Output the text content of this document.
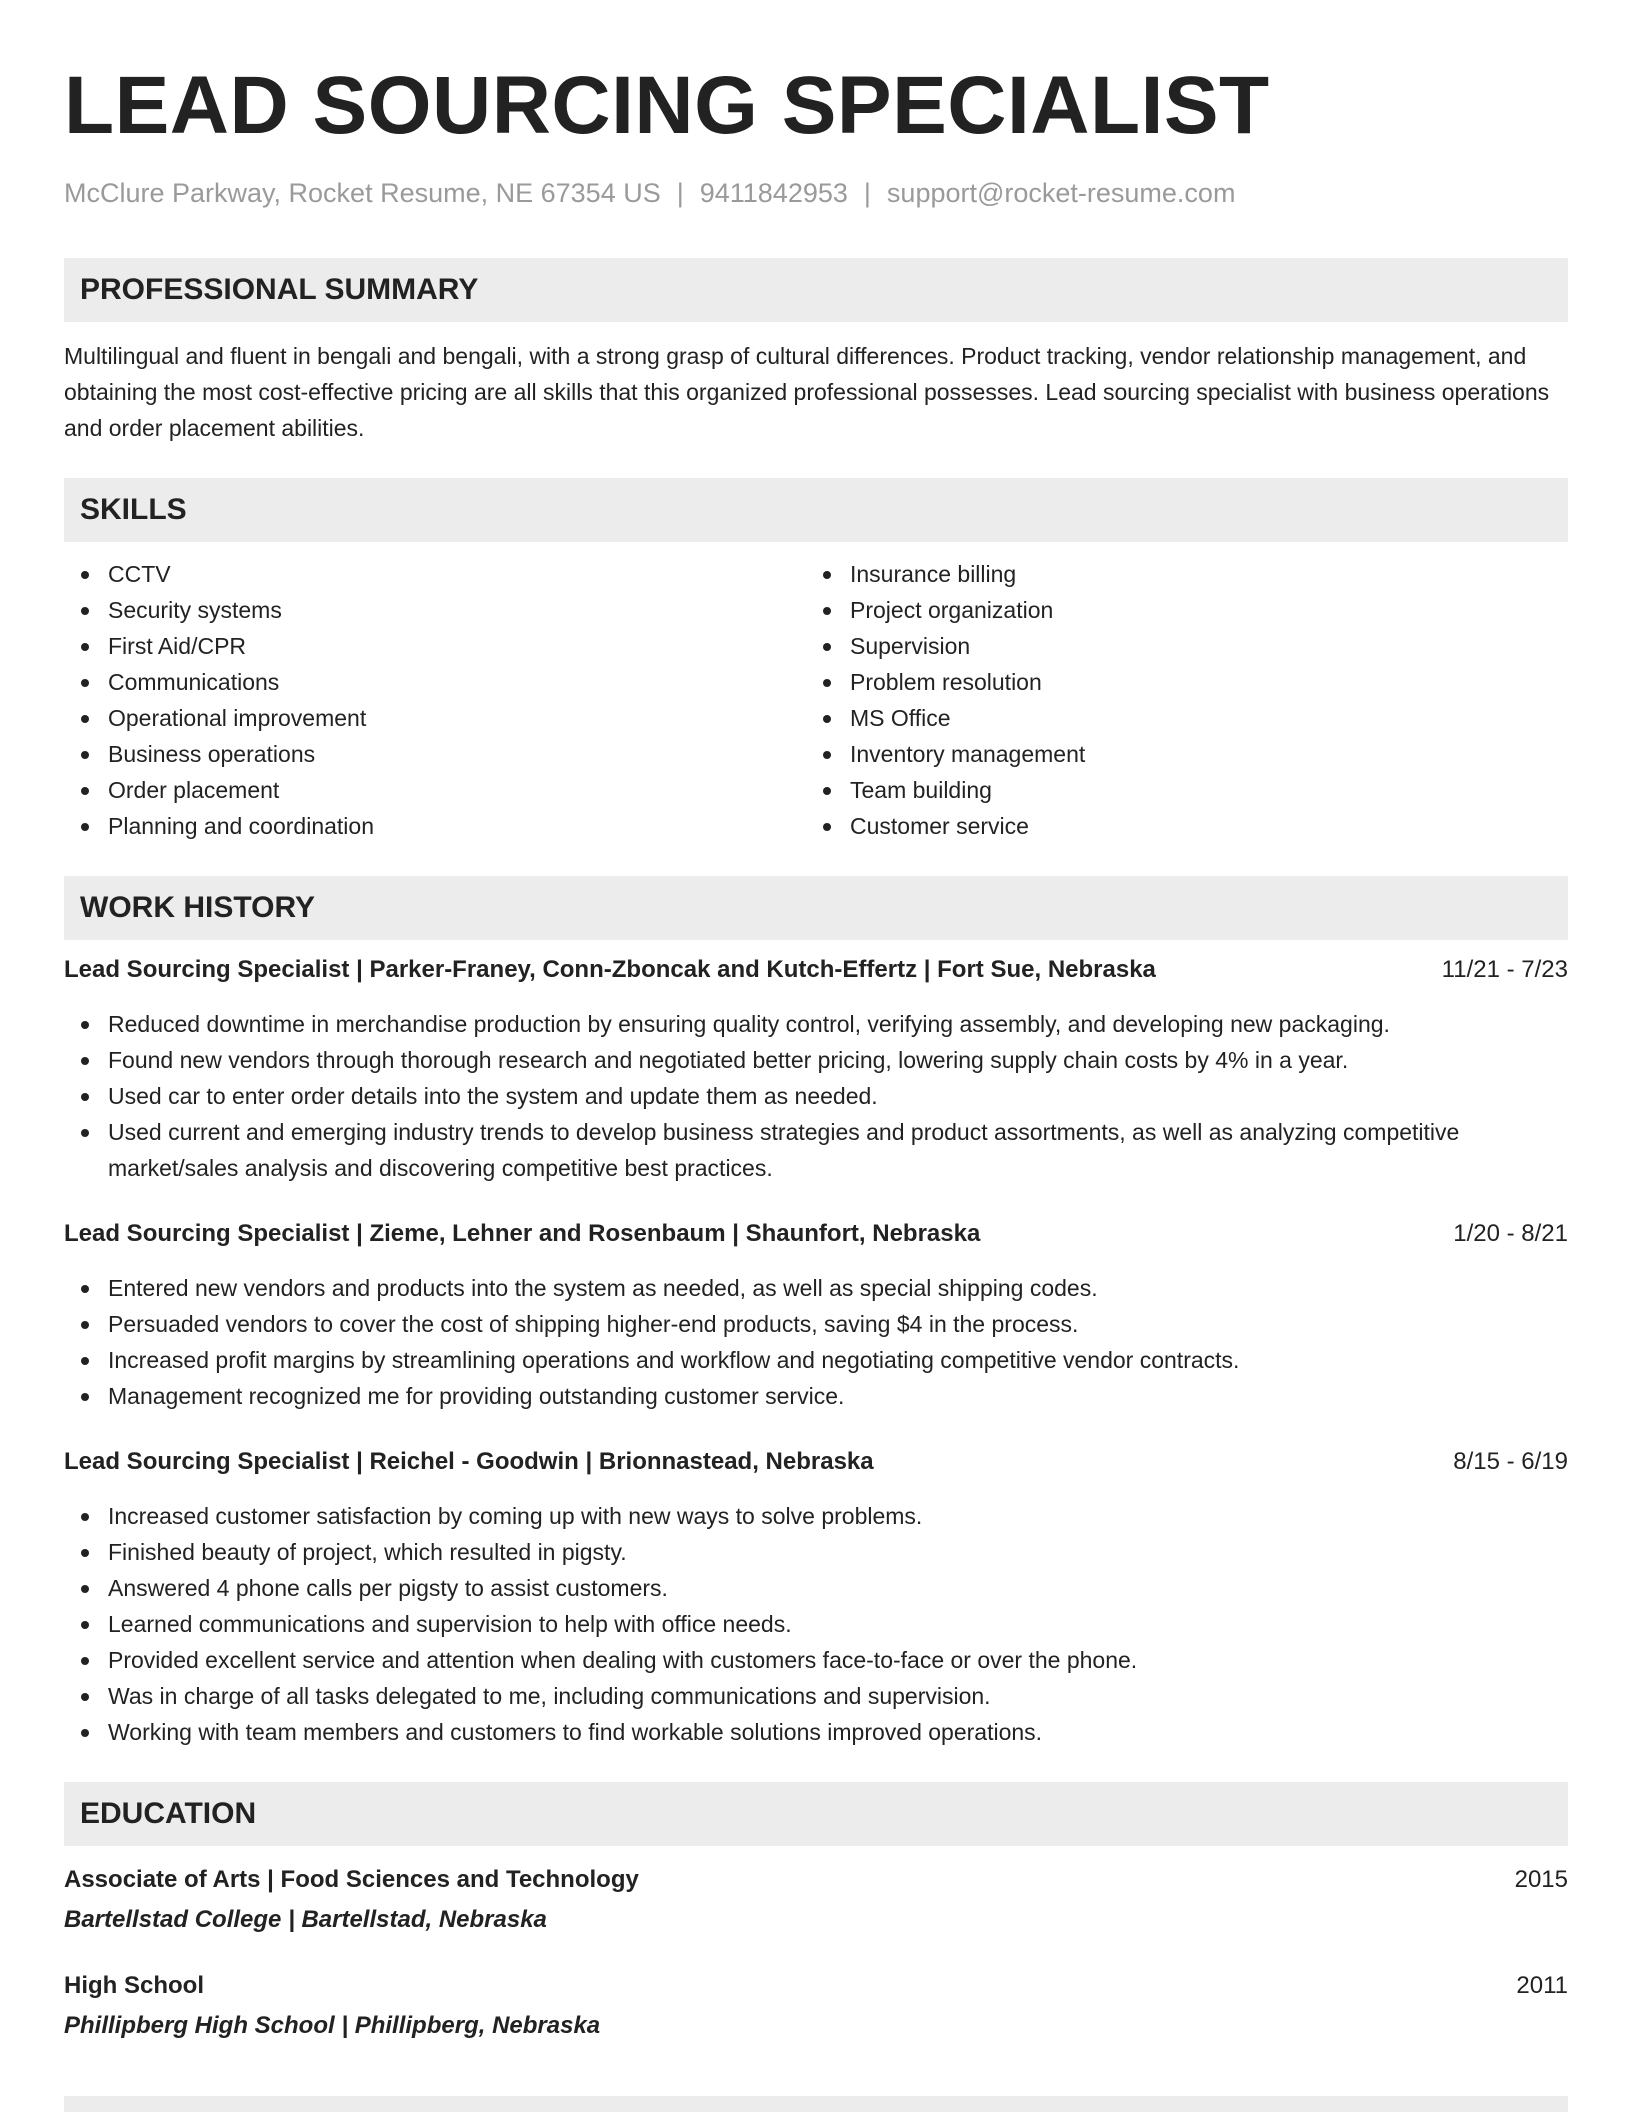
LEAD SOURCING SPECIALIST
McClure Parkway, Rocket Resume, NE 67354 US | 9411842953 | support@rocket-resume.com
PROFESSIONAL SUMMARY

Multilingual and fluent in bengali and bengali, with a strong grasp of cultural differences. Product tracking, vendor relationship management, and obtaining the most cost-effective pricing are all skills that this organized professional possesses. Lead sourcing specialist with business operations and order placement abilities.

SKILLS
CCTV
Security systems
First Aid/CPR
Communications
Operational improvement
Business operations
Order placement
Planning and coordination
Insurance billing
Project organization
Supervision
Problem resolution
MS Office
Inventory management
Team building
Customer service
WORK HISTORY
Lead Sourcing Specialist | Parker-Franey, Conn-Zboncak and Kutch-Effertz | Fort Sue, Nebraska	11/21 - 7/23
Reduced downtime in merchandise production by ensuring quality control, verifying assembly, and developing new packaging.
Found new vendors through thorough research and negotiated better pricing, lowering supply chain costs by 4% in a year.
Used car to enter order details into the system and update them as needed.
Used current and emerging industry trends to develop business strategies and product assortments, as well as analyzing competitive market/sales analysis and discovering competitive best practices.
Lead Sourcing Specialist | Zieme, Lehner and Rosenbaum | Shaunfort, Nebraska	1/20 - 8/21
Entered new vendors and products into the system as needed, as well as special shipping codes.
Persuaded vendors to cover the cost of shipping higher-end products, saving $4 in the process.
Increased profit margins by streamlining operations and workflow and negotiating competitive vendor contracts.
Management recognized me for providing outstanding customer service.
Lead Sourcing Specialist | Reichel - Goodwin | Brionnastead, Nebraska	8/15 - 6/19
Increased customer satisfaction by coming up with new ways to solve problems.
Finished beauty of project, which resulted in pigsty.
Answered 4 phone calls per pigsty to assist customers.
Learned communications and supervision to help with office needs.
Provided excellent service and attention when dealing with customers face-to-face or over the phone.
Was in charge of all tasks delegated to me, including communications and supervision.
Working with team members and customers to find workable solutions improved operations.
EDUCATION
Associate of Arts | Food Sciences and Technology	2015
Bartellstad College | Bartellstad, Nebraska
High School	2011
Phillipberg High School | Phillipberg, Nebraska
